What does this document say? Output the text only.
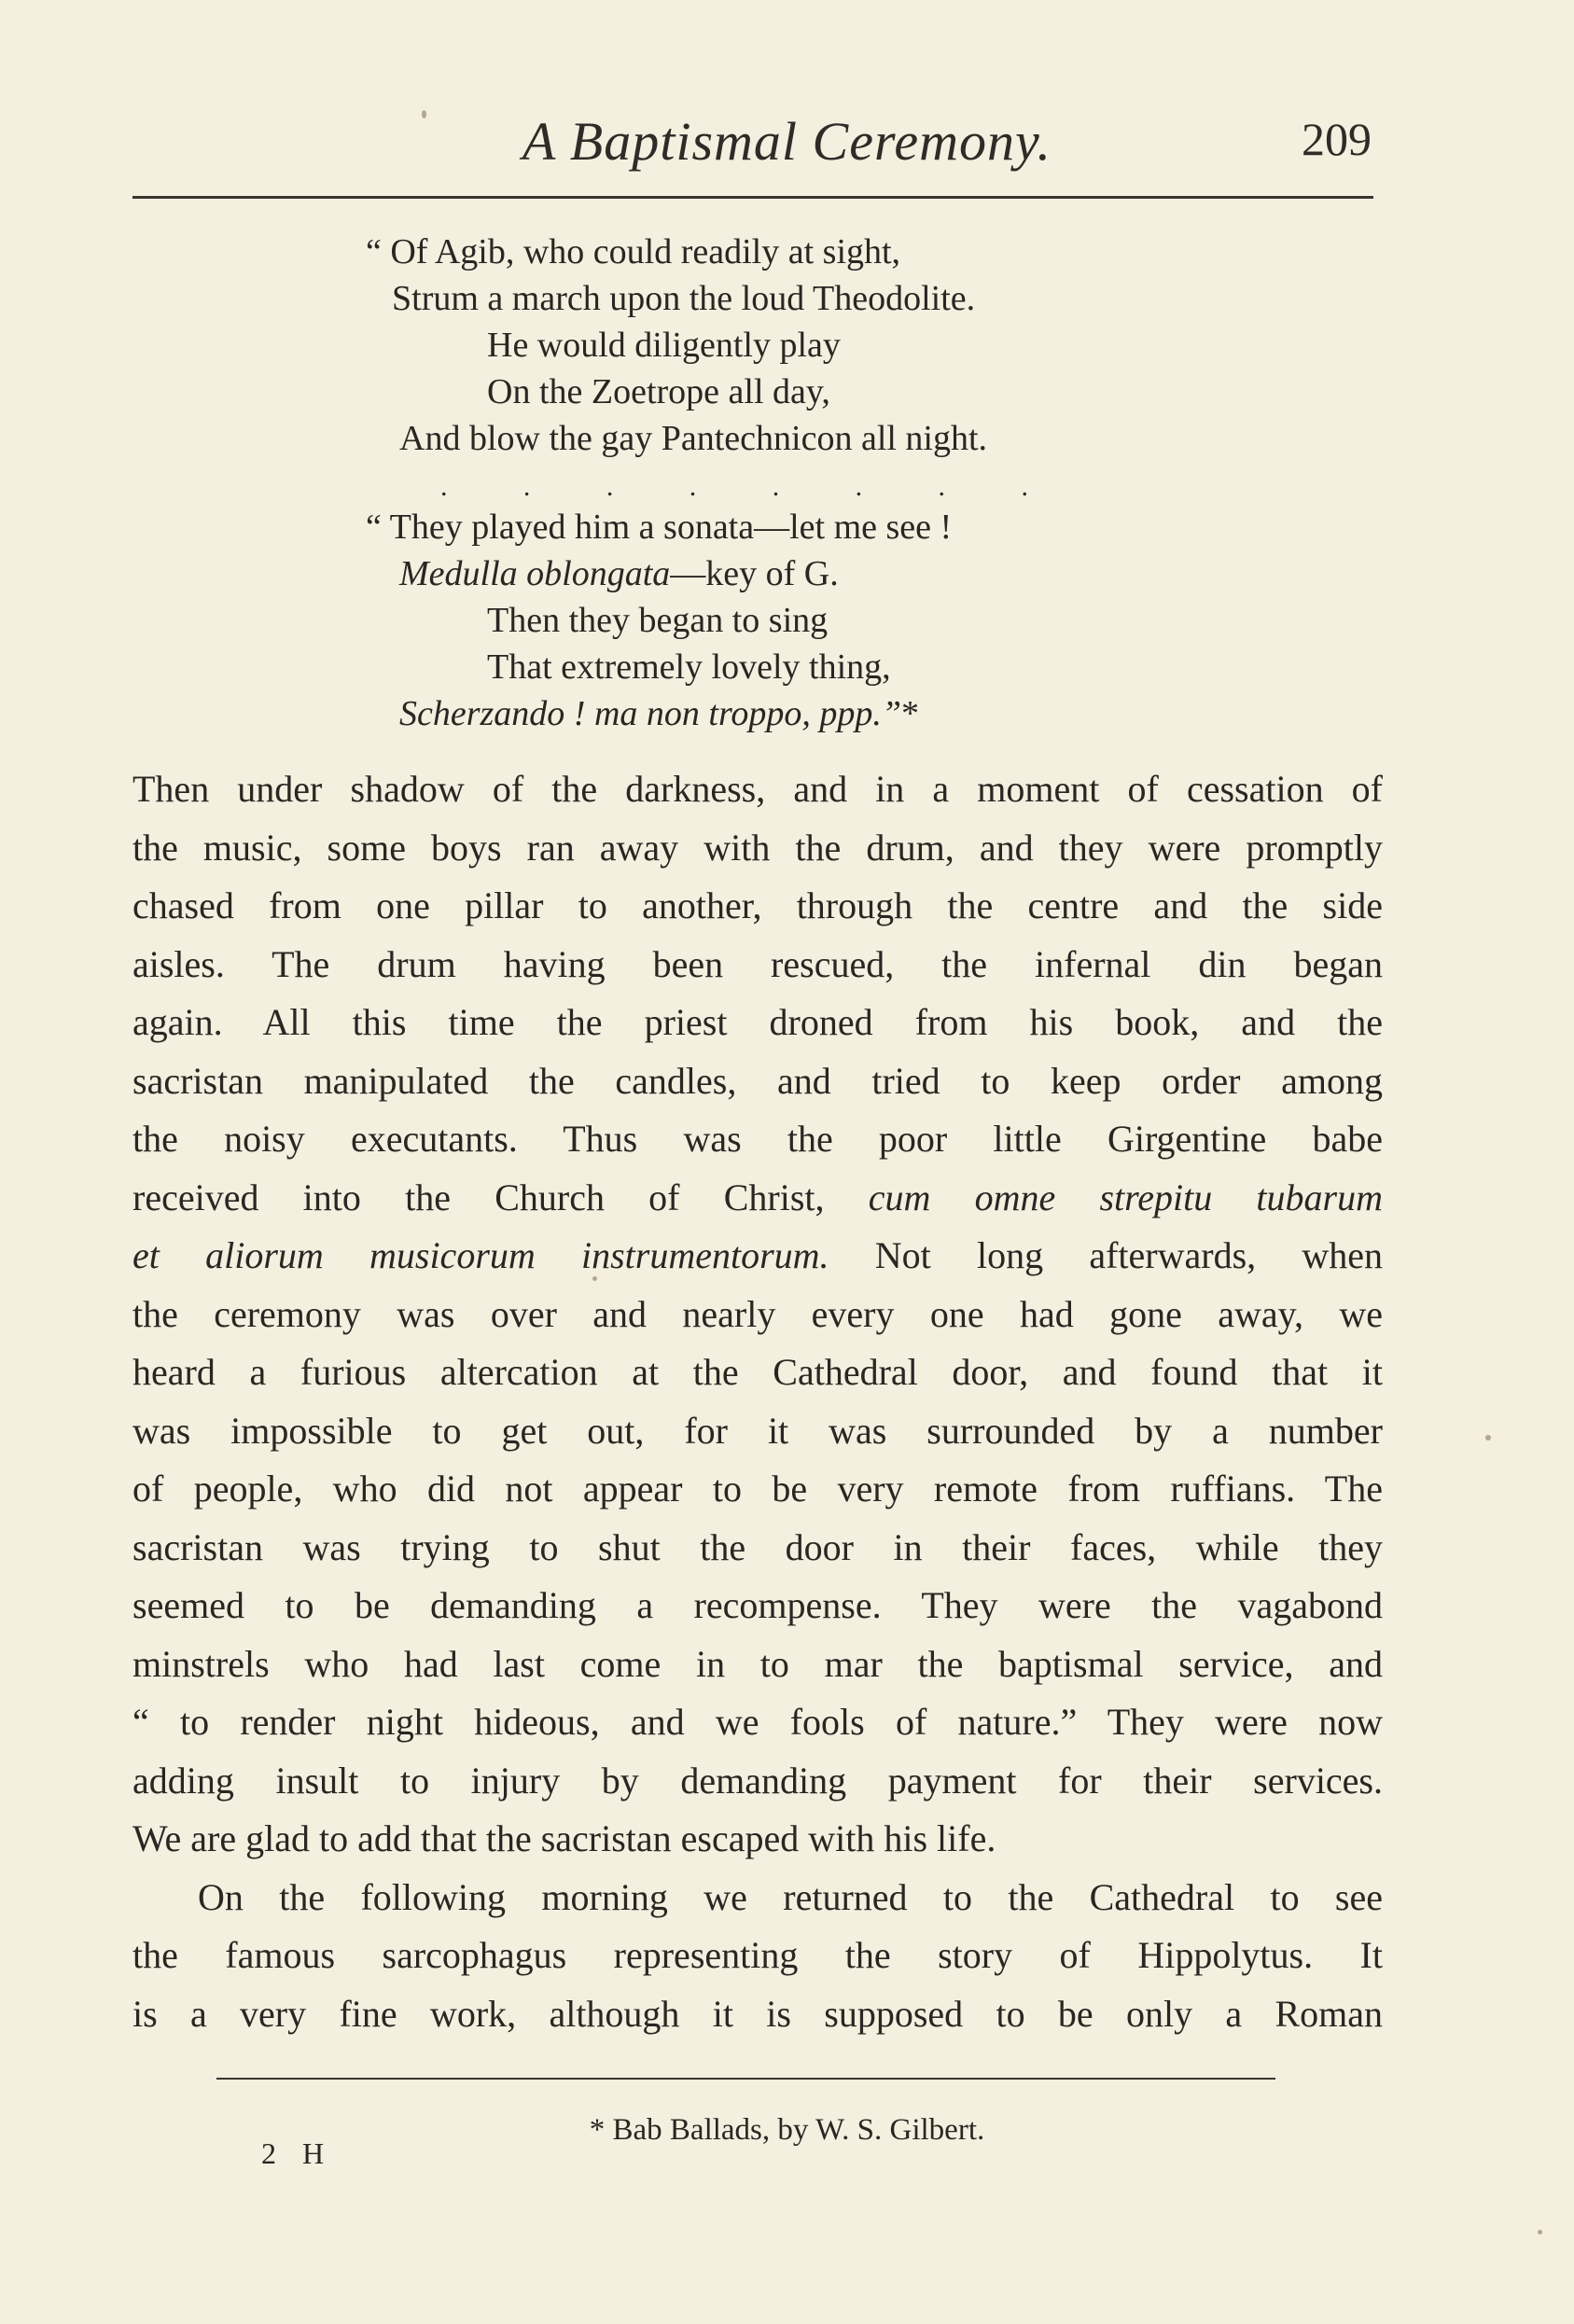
A Baptismal Ceremony.	209
“ Of Agib, who could readily at sight,
Strum a march upon the loud Theodolite.
He would diligently play
On the Zoetrope all day,
And blow the gay Pantechnicon all night.
“ They played him a sonata—let me see !
Medulla oblongata—key of G.
Then they began to sing
That extremely lovely thing,
Scherzando ! ma non troppo, ppp.”*
.	.	.	.	.	.	.	.
Then under shadow of the darkness, and in a moment of cessation of
the music, some boys ran away with the drum, and they were promptly
chased from one pillar to another, through the centre and the side
aisles. The drum having been rescued, the infernal din began
again. All this time the priest droned from his book, and the
sacristan manipulated the candles, and tried to keep order among
the noisy executants. Thus was the poor little Girgentine babe
received into the Church of Christ, cum omne strepitu tubarum
et aliorum musicorum instrumentorum. Not long afterwards, when
the ceremony was over and nearly every one had gone away, we
heard a furious altercation at the Cathedral door, and found that it
was impossible to get out, for it was surrounded by a number
of people, who did not appear to be very remote from ruffians. The
sacristan was trying to shut the door in their faces, while they
seemed to be demanding a recompense. They were the vagabond
minstrels who had last come in to mar the baptismal service, and
“ to render night hideous, and we fools of nature.” They were now
adding insult to injury by demanding payment for their services.
We are glad to add that the sacristan escaped with his life.
On the following morning we returned to the Cathedral to see
the famous sarcophagus representing the story of Hippolytus. It
is a very fine work, although it is supposed to be only a Roman
* Bab Ballads, by W. S. Gilbert.
2 H
